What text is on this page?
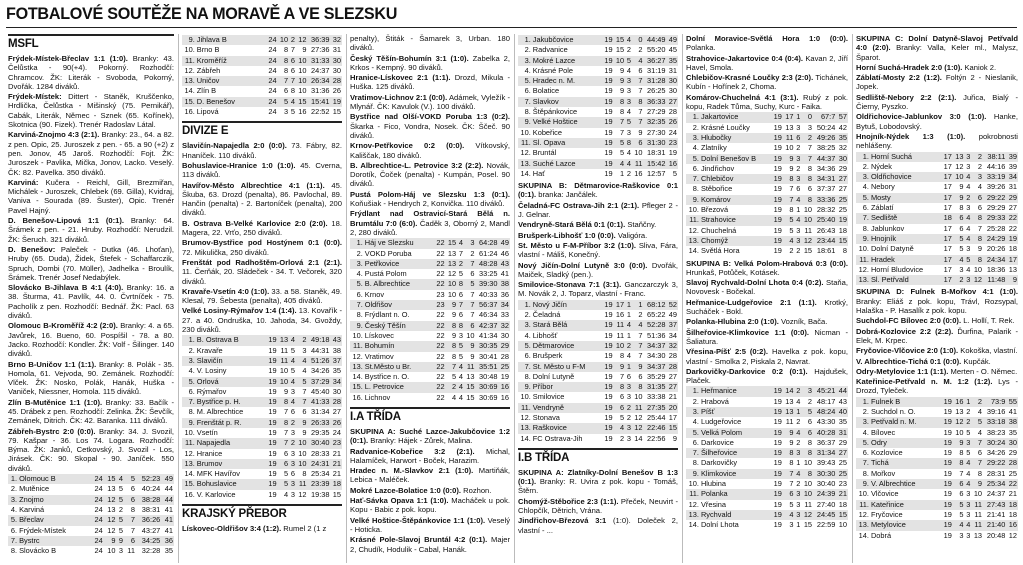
FOTBALOVÉ SOUTĚŽE NA MORAVĚ A VE SLEZSKU
MSFL

Frýdek-Místek-Břeclav 1:1 (1:0). Branky: 43. Čelůstka - 90(+4). Pokorný. Rozhodčí: Chramcov. ŽK: Literák - Svoboda, Pokorný, Dvořák. 1284 diváků.

Frýdek-Místek: Dittert - Staněk, Kruščenko, Hrdlička, Čelůstka - Mišinský (75. Pernikář), Cabák, Literák, Němec - Sznek (65. Kořínek), Skotnica (90. Fizek). Trenér Radoslav Látal.

Karviná-Znojmo 4:3 (2:1). Branky: 23., 64. a 82. z pen. Opic, 25. Juroszek z pen. - 65. a 90 (+2) z pen. Jonov, 45 Jaroš. Rozhodčí: Fojt. ŽK: Juroszek - Pavlika, Mička, Jonov, Lacko. Veselý. ČK: 82. Pavelka. 350 diváků.

Karviná: Kučera - Reichl, Gill, Brezmiřan, Michálek - Juroszek, Chlebek (69. Gilla), Kvidraj, Vaniva - Sourada (89. Šuster), Opic. Trenér Pavel Hajný.

D. Benešov-Lipová 1:1 (0:1). Branky: 64. Šrámek z pen. - 21. Hruby. Rozhodčí: Nerudzil. ŽK: Šeruch. 321 diváků.

D. Benešov: Paleček - Dutka (46. Lhoťan), Hruby (65. Duda), Židek, Štefek - Schaffarczik, Spruch, Dombi (70. Müller), Jadhelka - Broulík, Šrámek. Trenér Josef Nedabýlek.

Slovácko B-Jihlava B 4:1 (4:0). Branky: 16. a 38. Šturma, 41. Pavlík, 44. 0. Čvrtníček - 75. Pacholík z pen. Rozhodčí: Bednář. ŽK: Pacl. 63 diváků.

Olomouc B-Kroměříž 4:2 (2:0). Branky: 4. a 65. Javůrek, 16. Bueno, 60. Pospíšil - 78. a 80. Jacko. Rozhodčí: Kondler. ŽK: Volf - Šilinger. 140 diváků.

Brno B-Uničov 1:1 (1:1). Branky: 8. Polák - 35. Homola, 61. Vejvoda, 90. Zemánek. Rozhodčí: Vlček. ŽK: Nosko, Polák, Hanák, Huška - Vaniček, Niessner, Homola. 115 diváků.

Zlín B-Mutěnice 1:1 (1:0). Branky: 33. Bačík - 45. Drábek z pen. Rozhodčí: Zelinka. ŽK: Ševčík, Zemánek, Ditrich. ČK: 42. Baranka. 111 diváků.

Zábřeh-Bystrc 2:0 (0:0). Branky: 34. J. Svozil, 79. Kašpar - 36. Los 74. Logara. Rozhodčí: Býma. ŽK: Janků, Cetkovský, J. Svozil - Los, Jirásek. ČK: 90. Skopal - 90. Janíček. 550 diváků.

1.	Olomouc B	24	15	4	5	52:23	49
2.	Mutěnice	24	13	5	6	40:24	44
3.	Znojmo	24	12	5	6	38:28	44
4.	Karviná	24	13	2	8	38:31	41
5.	Břeclav	24	12	5	7	36:26	41
6.	Frýdek-Místek	24	12	5	7	43:27	41
7.	Bystrc	24	9	9	6	34:25	36
8.	Slovácko B	24	10	3	11	32:28	35
9.	Jihlava B	24	10	2	12	36:39	32
10.	Brno B	24	8	7	9	27:36	31
11.	Kroměříž	24	8	6	10	31:33	30
12.	Zábřeh	24	8	6	10	24:37	30
13.	Uničov	24	7	7	10	26:34	28
14.	Zlín B	24	6	8	10	31:36	26
15.	D. Benešov	24	5	4	15	15:41	19
16.	Lipová	24	3	5	16	22:52	15
DIVIZE E

Slavičín-Napajedla 2:0 (0:0). 73. Fábry, 82. Hnaníček. 110 diváků.

Bohuslavice-Hranice 1:0 (1:0). 45. Cverna, 113 diváků.

Havířov-Město Albrechtice 4:1 (1:1). 45. Škuba, 63. Drozd (penalta), 86. Pavlochal, 89. Hančin (penalta) - 2. Bartoníček (penalta), 200 diváků.

B. Ostrava B-Velké Karlovice 2:0 (2:0). 18. Magera, 22. Vrťo, 250 diváků.

Brumov-Bystřice pod Hostýnem 0:1 (0:0). 72. Mikulička, 250 diváků.

Frenštát pod Radhoštěm-Orlová 2:1 (2:1). 11. Čerňák, 20. Sládeček - 34. T. Večorek, 320 diváků.

Kravaře-Vsetín 4:0 (1:0). 33. a 58. Staněk, 49. Klesal, 79. Šebesta (penalta), 405 diváků.

Velké Losiny-Rýmařov 1:4 (1:4). 13. Kovařík - 27. a 40. Ondruška, 10. Jahoda, 34. Gvoždy, 230 diváků.

1.	B. Ostrava B	19	13	4	2	49:18	43
2.	Kravaře	19	11	5	3	44:31	38
3.	Slavičín	19	11	4	4	51:26	37
4.	V. Losiny	19	10	5	4	34:26	35
5.	Orlová	19	10	4	5	37:29	34
6.	Rýmařov	19	9	3	7	45:40	30
7.	Bystřice p. H.	19	8	4	7	41:33	28
8.	M. Albrechtice	19	7	6	6	31:34	27
9.	Frenštát p. R.	19	8	2	9	26:33	26
10.	Vsetín	19	7	3	9	29:35	24
11.	Napajedla	19	7	2	10	30:40	23
12.	Hranice	19	6	3	10	28:33	21
13.	Brumov	19	6	3	10	24:31	21
14.	MFK Havířov	19	5	6	8	25:34	21
15.	Bohuslavice	19	5	3	11	23:39	18
16.	V. Karlovice	19	4	3	12	19:38	15
KRAJSKÝ PŘEBOR

Lískovec-Oldřišov 3:4 (1:2). Rumel 2 (1 z

penalty), Štiták - Šamarek 3, Urban. 180 diváků.

Český Těšín-Bohumín 3:1 (1:0). Zabelka 2, Krkos - Kempný. 90 diváků.

Hranice-Lískovec 2:1 (1:1). Drozd, Mikula - Huška. 125 diváků.

Vratimov-Lichnov 2:1 (0:0). Adámek, Vyležík - Mlynář. ČK: Kavulok (V.). 100 diváků.

Bystřice nad Olší-VOKD Poruba 1:3 (0:2). Škarka - Fico, Vondra, Nosek. ČK: Ščeč. 90 diváků.

Krnov-Petřkovice 0:2 (0:0). Vítkovský, Kališčak, 180 diváků.

B. Albrechtice-L. Petrovice 3:2 (2:2). Novák, Dorotík, Čoček (penalta) - Kumpán, Posel. 90 diváků.

Pustá Polom-Háj ve Slezsku 1:3 (0:1). Koňušiak - Hendrych 2, Konvička. 110 diváků.

Frýdlant nad Ostravicí-Stará Bělá n. Brumtálu 7:0 (6:0). Čaděk 3, Oborný 2, Mandl 2, 280 diváků.

1.	Háj ve Slezsku	22	15	4	3	64:28	49
2.	VOKD Poruba	22	13	7	2	61:24	46
3.	Petřkovice	22	13	2	7	48:28	43
4.	Pustá Polom	22	12	5	6	33:25	41
5.	B. Albrechtice	22	10	8	5	39:30	38
6.	Krnov	23	10	6	7	40:33	36
7.	Oldřišov	23	9	7	7	56:37	34
8.	Frýdlant n. O.	22	9	6	7	46:34	33
9.	Český Těšín	22	8	8	6	42:37	32
10.	Lískovec	22	9	3	10	41:34	30
11.	Bohumín	22	8	5	9	30:35	29
12.	Vratimov	22	8	5	9	30:41	28
13.	St.Město u Br.	22	7	4	11	35:51	25
14.	Bystřice n. O.	22	5	4	13	30:48	19
15.	L. Petrovice	22	2	4	15	30:69	16
16.	Lichnov	22	4	4	15	30:69	16
I.A TŘÍDA

SKUPINA A: Suché Lazce-Jakubčovice 1:2 (0:1). Branky: Hájek - Zůrek, Malina.

Radvanice-Kobeřice 3:2 (2:1). Michal, Halamíček, Harwort - Boček, Harazim.

Hradec n. M.-Slavkov 2:1 (1:0). Martiňák, Lebica - Maléček.

Mokré Lazce-Bolatice 1:0 (0:0). Rozhon.

Hať-Sávka Opava 1:1 (1:0). Macháček u pok. Kopu - Babic z pok. kopu.

Velké Hoštice-Štěpánkovice 1:1 (1:0). Veselý - Hoticka.

Krásné Pole-Slavoj Bruntál 4:2 (0:1). Majer 2, Chudík, Hodulik - Cabal, Hanák.

1.	Jakubčovice	19	15	4	0	44:49	49
2.	Radvanice	19	15	2	2	55:20	45
3.	Mokré Lazce	19	10	5	4	36:27	35
4.	Krásné Pole	19	9	4	6	31:19	31
5.	Hradec n. M.	19	9	3	7	31:28	30
6.	Bolatice	19	9	3	7	26:25	30
7.	Slavkov	19	8	3	8	36:33	27
8.	Štěpánkovice	19	8	4	7	27:29	28
9.	Velké Hoštice	19	7	5	7	32:35	26
10.	Kobeřice	19	7	3	9	27:30	24
11.	Sl. Opava	19	5	8	6	31:30	23
12.	Bruntál	19	5	4	10	18:31	19
13.	Suché Lazce	19	4	4	11	15:42	16
14.	Hať	19	1	2	16	12:57	5

SKUPINA B: Dětmarovice-Raškovice 0:1 (0:1). branka: Jančálek.

Čeladná-FC Ostrava-Jih 2:1 (2:1). Pfleger 2 - J. Gelnar.

Vendryně-Stará Bělá 0:1 (0:1). Staňčny.

Brušperk-Libhošť 1:0 (0:0). Valigóra.

St. Město u F-M-Příbor 3:2 (1:0). Sliva, Fára, vlastní - Máliš, Konečný.

Nový Jičín-Dolní Lutyně 3:0 (0:0). Dvořák, Maiček, Sladký (pen.).

Smilovice-Stonava 7:1 (3:1). Ganczarczyk 3, M. Novák 2, J. Toparz, vlastní - Franc.

1.	Nový Jičín	19	17	1	1	68:12	52
2.	Čeladná	19	16	1	2	65:22	49
3.	Stará Bělá	19	11	4	4	52:28	37
4.	Libhošť	19	11	1	7	51:36	34
5.	Dětmarovice	19	10	2	7	34:37	32
6.	Brušperk	19	8	4	7	34:30	28
7.	St. Město u F-M	19	9	1	9	34:37	28
8.	Dolní Lutyně	19	7	6	6	35:29	27
9.	Příbor	19	8	3	8	31:35	27
10.	Smilovice	19	6	3	10	33:38	21
11.	Vendryně	19	6	2	11	27:35	20
12.	Stonava	19	5	2	12	25:44	17
13.	Raškovice	19	4	3	12	22:46	15
14.	FC Ostrava-Jih	19	2	3	14	22:56	9
I.B TŘÍDA

SKUPINA A: Zlatníky-Dolní Benešov B 1:3 (0:1). Branky: R. Uvira z pok. kopu - Tomáš, Štěrn.

Chomýž-Stěbořice 2:3 (1:1). Přeček, Neuvirt - Chlopčík, Dětrich, Vrána.

Jindřichov-Březová 3:1 (1:0). Doleček 2, vlastní - ...

Dolní Moravice-Světlá Hora 1:0 (0:0). Polanka.

Strahovice-Jakartovice 0:4 (0:4). Kavan 2, Jiří Havel, Smola.

Chlebičov-Krasné Loučky 2:3 (2:0). Tichánek, Kubín - Hořínek 2, Choma.

Komárov-Chuchelná 4:1 (3:1). Rubý z pok. kopu, Radek Tůma, Suchy, Kurc - Faika.

1.	Jakartovice	19	17	1	0	67:7	57
2.	Krásné Loučky	19	13	3	3	50:24	42
3.	Hlubočky	19	11	6	2	49:26	35
4.	Zlatníky	19	10	2	7	38:25	32
5.	Dolní Benešov B	19	9	3	7	44:37	30
6.	Jindřichov	19	9	2	8	34:36	29
7.	Chlebičov	19	8	3	8	34:31	27
8.	Stěbořice	19	7	6	6	37:37	27
9.	Komárov	19	7	4	8	33:36	25
10.	Březová	19	8	1	10	28:32	25
11.	Strahovice	19	5	4	10	25:40	19
12.	Chuchelná	19	5	3	11	26:43	18
13.	Chomýž	19	4	3	12	23:44	15
14.	Světlá Hora	19	2	2	15	18:61	8

SKUPINA B: Velká Polom-Hrabová 0:3 (0:0). Hrunkaŝ, Potůček, Kotásek.

Slavoj Rychvald-Dolní Lhota 0:4 (0:2). Staňa, Novovesk - Bočekal.

Heřmanice-Ludgeřovice 2:1 (1:1). Krotký, Sucháček - Bokl.

Polanka-Hlubina 2:0 (1:0). Vozník, Bača.

Šilheřovice-Klimkovice 1:1 (0:0). Nicman - Šaliatura.

Vřesina-Píšť 2:5 (0:2). Havelka z pok. kopu, vlastní - Smolka 2, Piskala 2, Navrat.

Darkovičky-Darkovice 0:2 (0:1). Hajdušek, Plaček.

1.	Heřmanice	19	14	2	3	45:21	44
2.	Hrabová	19	13	4	2	48:17	43
3.	Píšť	19	13	1	5	48:24	40
4.	Ludgeřovice	19	11	2	6	43:30	35
5.	Velká Polom	19	9	4	6	40:28	31
6.	Darkovice	19	9	2	8	36:37	29
7.	Šilheřovice	19	8	3	8	31:34	27
8.	Darkovičky	19	8	1	10	39:43	25
9.	Klimkovice	19	7	4	8	30:30	25
10.	Hlubina	19	7	2	10	30:40	23
11.	Polanka	19	6	3	10	24:39	21
12.	Vřesina	19	5	3	11	27:40	18
13.	Rychvald	19	4	3	12	24:45	15
14.	Dolní Lhota	19	3	1	15	22:59	10

SKUPINA C: Dolní Datyně-Slavoj Petřvald 4:0 (2:0). Branky: Valla, Keler ml., Malysz, Šparot.

Horní Suchá-Hradek 2:0 (1:0). Kaniok 2.

Záblatí-Mosty 2:2 (1:2). Foltýn 2 - Nieslanik, Jopek.

Sedliště-Nebory 2:2 (2:1). Juřica, Bialý - Čierny, Pyszko.

Oldřichovice-Jablunkov 3:0 (1:0). Hanke, Bytuš, Lobodovský.

Hnojník-Nýdek 1:3 (1:0). pokrobnosti nehlášeny.

1.	Horní Suchá	17	13	3	2	38:11	39
2.	Nýdek	17	12	3	2	44:16	39
3.	Oldřichovice	17	10	4	3	33:19	34
4.	Nebory	17	9	4	4	39:26	31
5.	Mosty	17	9	2	6	29:22	29
6.	Záblatí	17	8	3	6	29:29	27
7.	Sedliště	18	6	4	8	29:33	22
8.	Jablunkov	17	6	4	7	25:28	22
9.	Hnojník	17	5	4	8	24:29	19
10.	Dolní Datyně	17	5	3	9	20:26	18
11.	Hradek	17	4	5	8	24:34	17
12.	Horní Bludovice	17	3	4	10	18:36	13
13.	Sl. Petřvald	17	2	3	12	11:48	9

SKUPINA D: Fulnek B-Mořkov 4:1 (1:0). Branky: Eliáš z pok. kopu, Trávl, Rozsypal, Halaška - P. Hasalík z pok. kopu.

Suchdol-FC Bílovec 2:0 (0:0). L. Hollí, T. Rek.

Dobrá-Kozlovice 2:2 (2:2). Ďurfina, Palarik - Elek, M. Krpec.

Fryčovice-Vlčovice 2:0 (1:0). Kokoška, vlastní.

V. Albrechtice-Tichá 0:1 (0:0). Kupčák.

Odry-Metylovice 1:1 (1:1). Merten - O. Němec.

Kateřinice-Petřvald n. M. 1:2 (1:2). Lys - Drozd, Tyleček.

1.	Fulnek B	19	16	1	2	73:9	55
2.	Suchdol n. O.	19	13	2	4	39:16	41
3.	Petřvald n. M.	19	12	2	5	33:18	38
4.	Bílovec	19	10	5	4	38:23	35
5.	Odry	19	9	3	7	30:24	30
6.	Kozlovice	19	8	5	6	34:26	29
7.	Tichá	19	8	4	7	29:22	28
8.	Mořkov	19	7	4	8	28:31	25
9.	V. Albrechtice	19	6	4	9	25:34	22
10.	Vlčovice	19	6	3	10	24:37	21
11.	Kateřinice	19	5	3	11	27:43	18
12.	Fryčovice	19	5	3	11	21:41	18
13.	Metylovice	19	4	4	11	21:40	16
14.	Dobrá	19	3	3	13	20:48	12
